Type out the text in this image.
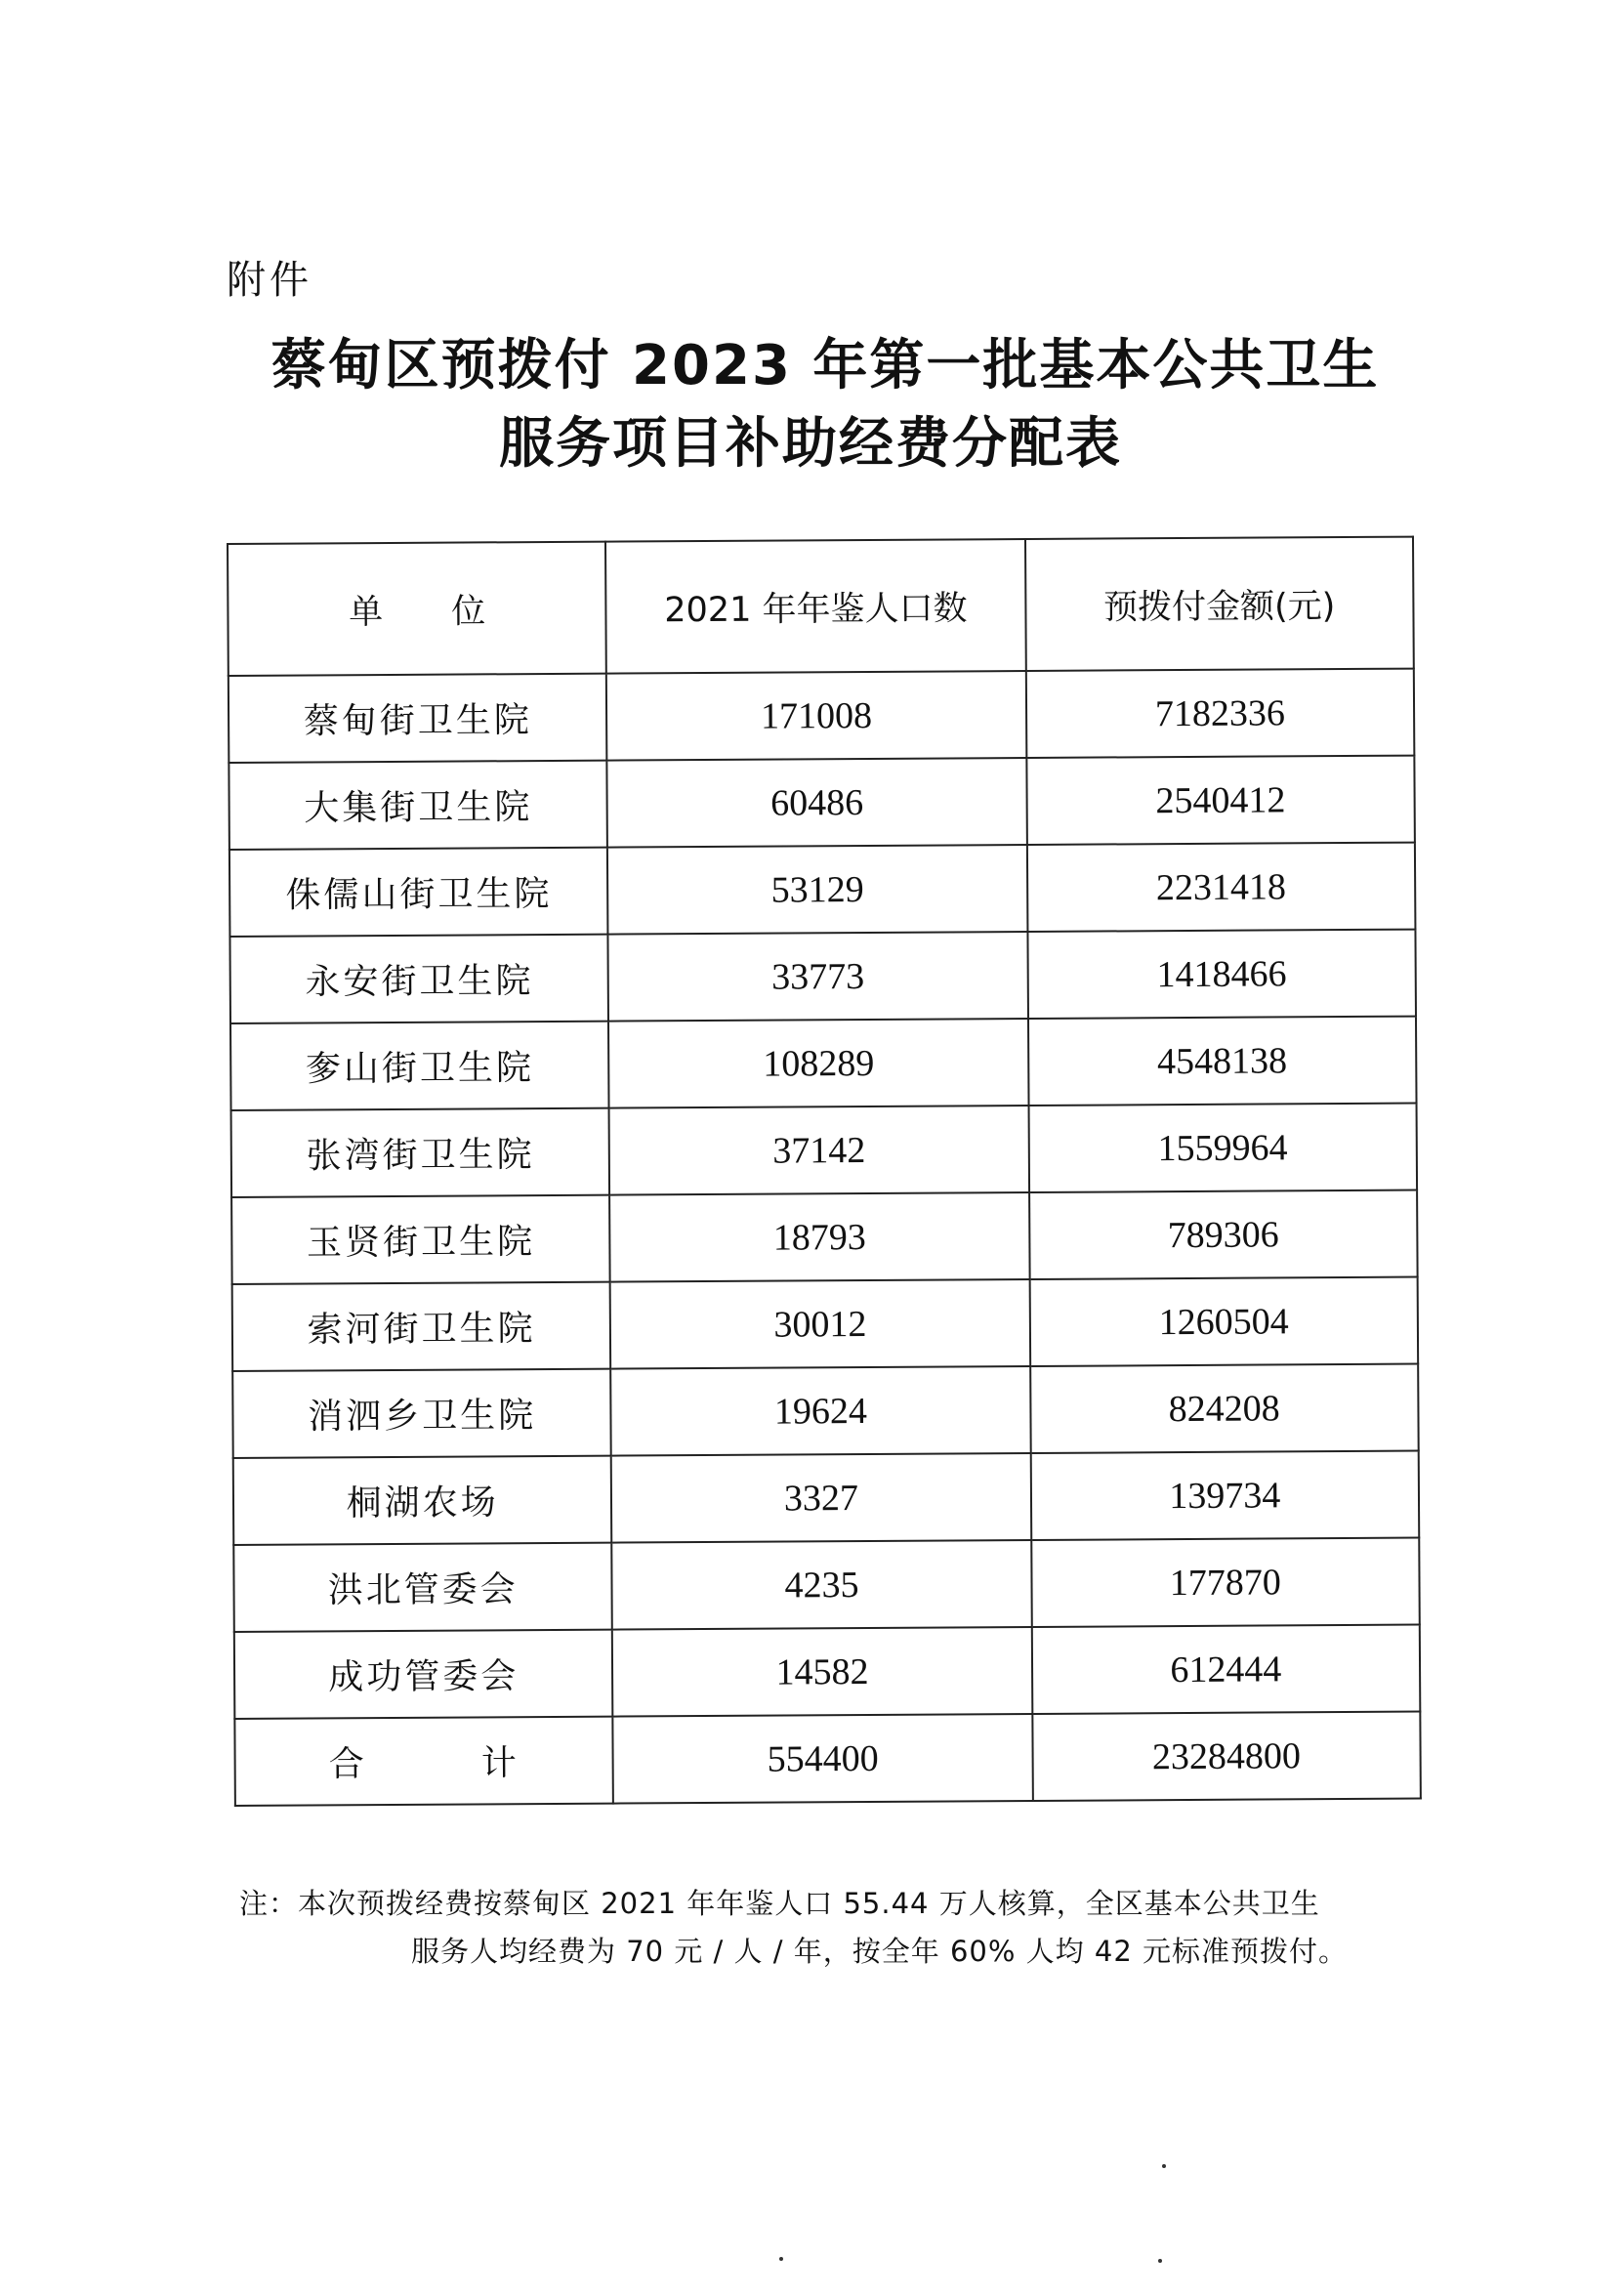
附件
蔡甸区预拨付 2023 年第一批基本公共卫生
服务项目补助经费分配表
单　　位	2021 年年鉴人口数	预拨付金额(元)
蔡甸街卫生院	171008	7182336
大集街卫生院	60486	2540412
侏儒山街卫生院	53129	2231418
永安街卫生院	33773	1418466
奓山街卫生院	108289	4548138
张湾街卫生院	37142	1559964
玉贤街卫生院	18793	789306
索河街卫生院	30012	1260504
消泗乡卫生院	19624	824208
桐湖农场	3327	139734
洪北管委会	4235	177870
成功管委会	14582	612444
合　　　计	554400	23284800
注：本次预拨经费按蔡甸区 2021 年年鉴人口 55.44 万人核算，全区基本公共卫生
服务人均经费为 70 元 / 人 / 年，按全年 60% 人均 42 元标准预拨付。
